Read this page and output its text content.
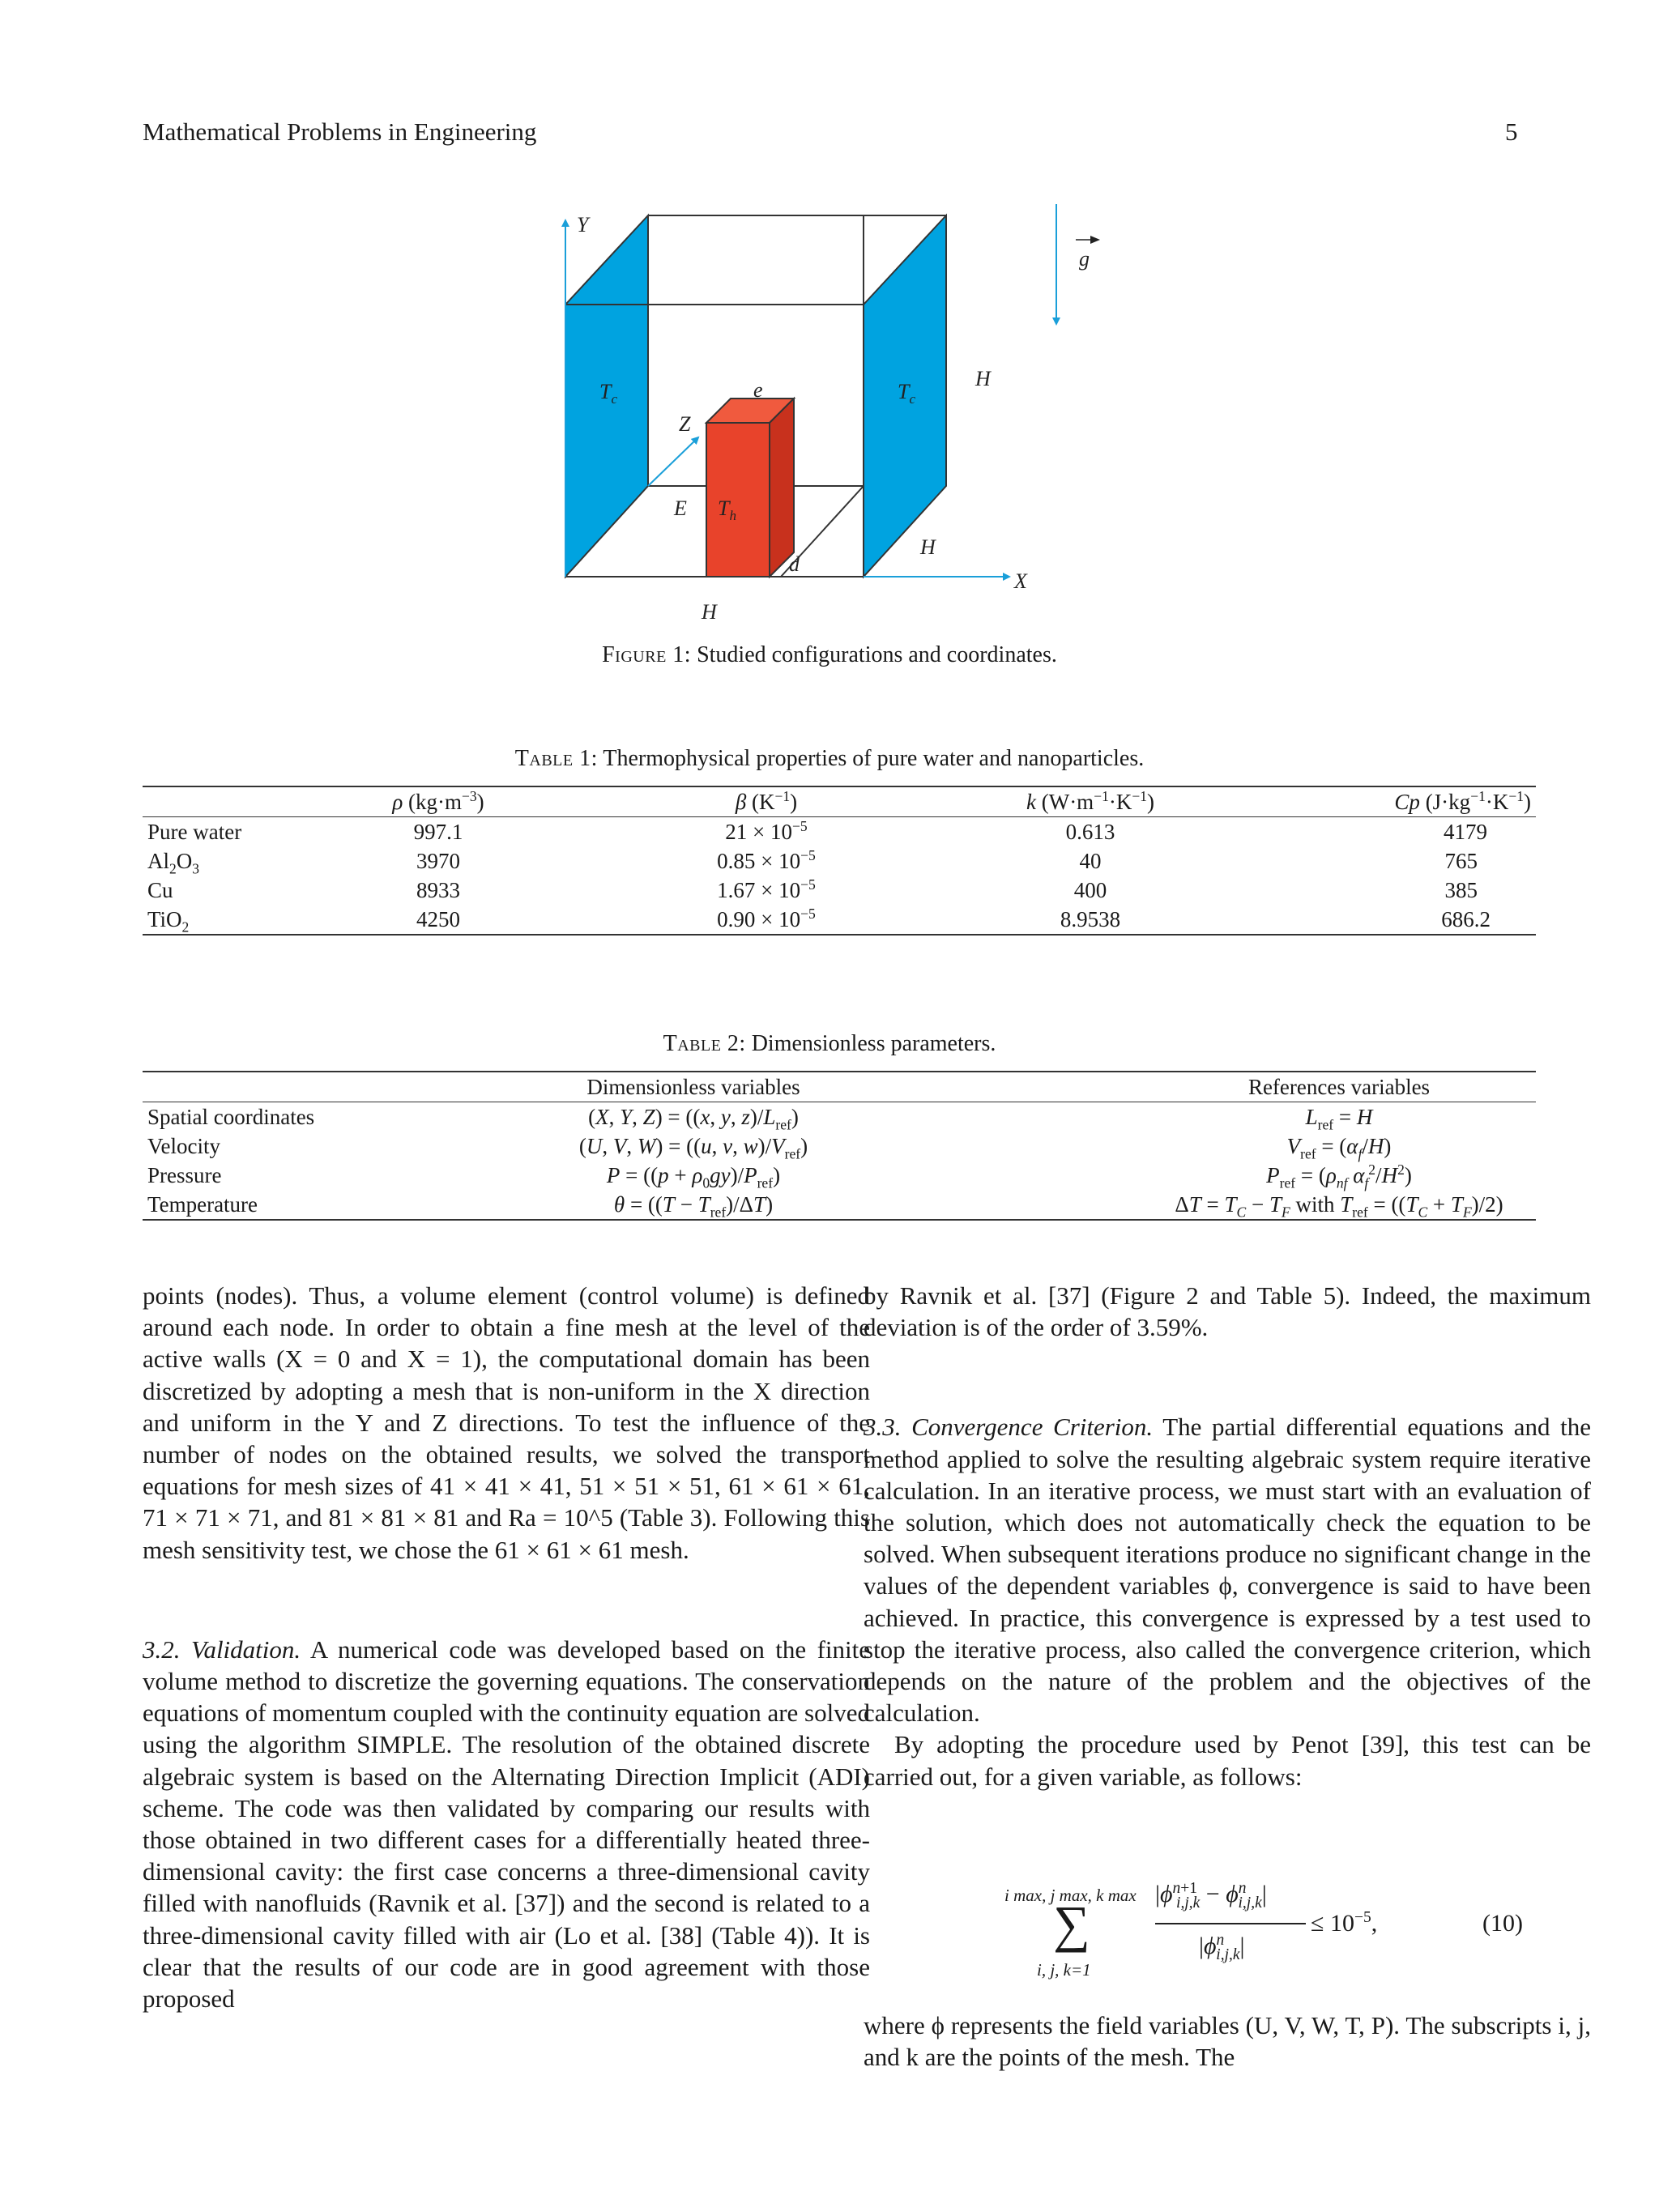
Mathematical Problems in Engineering	5
Y
g
$T_c$	$T_c$
e	H
Z
E $T_h$
H
d
X
H
Figure 1: Studied configurations and coordinates.
Table 1: Thermophysical properties of pure water and nanoparticles.
	ρ $(kg\cdot m^{-3})$	β $(K^{-1})$	k $(W\cdot m^{-1}\cdot K^{-1})$	Cp $(J\cdot kg^{-1}\cdot K^{-1})$
Pure water	997.1	$21 \times 10^{-5}$	0.613	4179
$Al_2O_3$	3970	$0.85 \times 10^{-5}$	40	765
Cu	8933	$1.67 \times 10^{-5}$	400	385
TiO$_2$	4250	$0.90 \times 10^{-5}$	8.9538	686.2
Table 2: Dimensionless parameters.
	Dimensionless variables	References variables
Spatial coordinates	(X, Y, Z) = ((x, y, $z)/L_{ref}$)	$L_{ref} = H$
Velocity	(U, V, W) = ((u, v, $w)/V_{ref}$)	$V_{ref} = (\alpha_f/H)$
Pressure	$P = ((p + \rho_0gy)/P_{ref})$	$P_{ref} = (\rho_{nf}$ $\alpha_f^2/H^2$)
Temperature	$\theta = ((T - T_{ref})/\Delta T)$	$\Delta T = T_C - T_F$ with $T_{ref} = ((T_C + T_F)/2)$

points (nodes). Thus, a volume element (control volume) is defined around each node. In order to obtain a fine mesh at the level of the active walls (X = 0 and X = 1), the computational domain has been discretized by adopting a mesh that is non-uniform in the X direction and uniform in the Y and Z directions. To test the influence of the number of nodes on the obtained results, we solved the transport equations for mesh sizes of 41 × 41 × 41, 51 × 51 × 51, 61 × 61 × 61, 71 × 71 × 71, and 81 × 81 × 81 and Ra = 10^5 (Table 3). Following this mesh sensitivity test, we chose the 61 × 61 × 61 mesh.

3.2. Validation. A numerical code was developed based on the finite volume method to discretize the governing equations. The conservation equations of momentum coupled with the continuity equation are solved using the algorithm SIMPLE. The resolution of the obtained discrete algebraic system is based on the Alternating Direction Implicit (ADI) scheme. The code was then validated by comparing our results with those obtained in two different cases for a differentially heated three-dimensional cavity: the first case concerns a three-dimensional cavity filled with nanofluids (Ravnik et al. [37]) and the second is related to a three-dimensional cavity filled with air (Lo et al. [38] (Table 4)). It is clear that the results of our code are in good agreement with those proposed

by Ravnik et al. [37] (Figure 2 and Table 5). Indeed, the maximum deviation is of the order of 3.59%.

3.3. Convergence Criterion. The partial differential equations and the method applied to solve the resulting algebraic system require iterative calculation. In an iterative process, we must start with an evaluation of the solution, which does not automatically check the equation to be solved. When subsequent iterations produce no significant change in the values of the dependent variables ϕ, convergence is said to have been achieved. In practice, this convergence is expressed by a test used to stop the iterative process, also called the convergence criterion, which depends on the nature of the problem and the objectives of the calculation.

By adopting the procedure used by Penot [39], this test can be carried out, for a given variable, as follows:

i max, j max, k max
∑
i, j, k=1
$|\phi^{n+1}_{i,j,k} - \phi^n_{i,j,k}|$
$|\phi^n_{i,j,k}|$
≤ $10^{-5}$,	(10)

where ϕ represents the field variables (U, V, W, T, P). The subscripts i, j, and k are the points of the mesh. The
